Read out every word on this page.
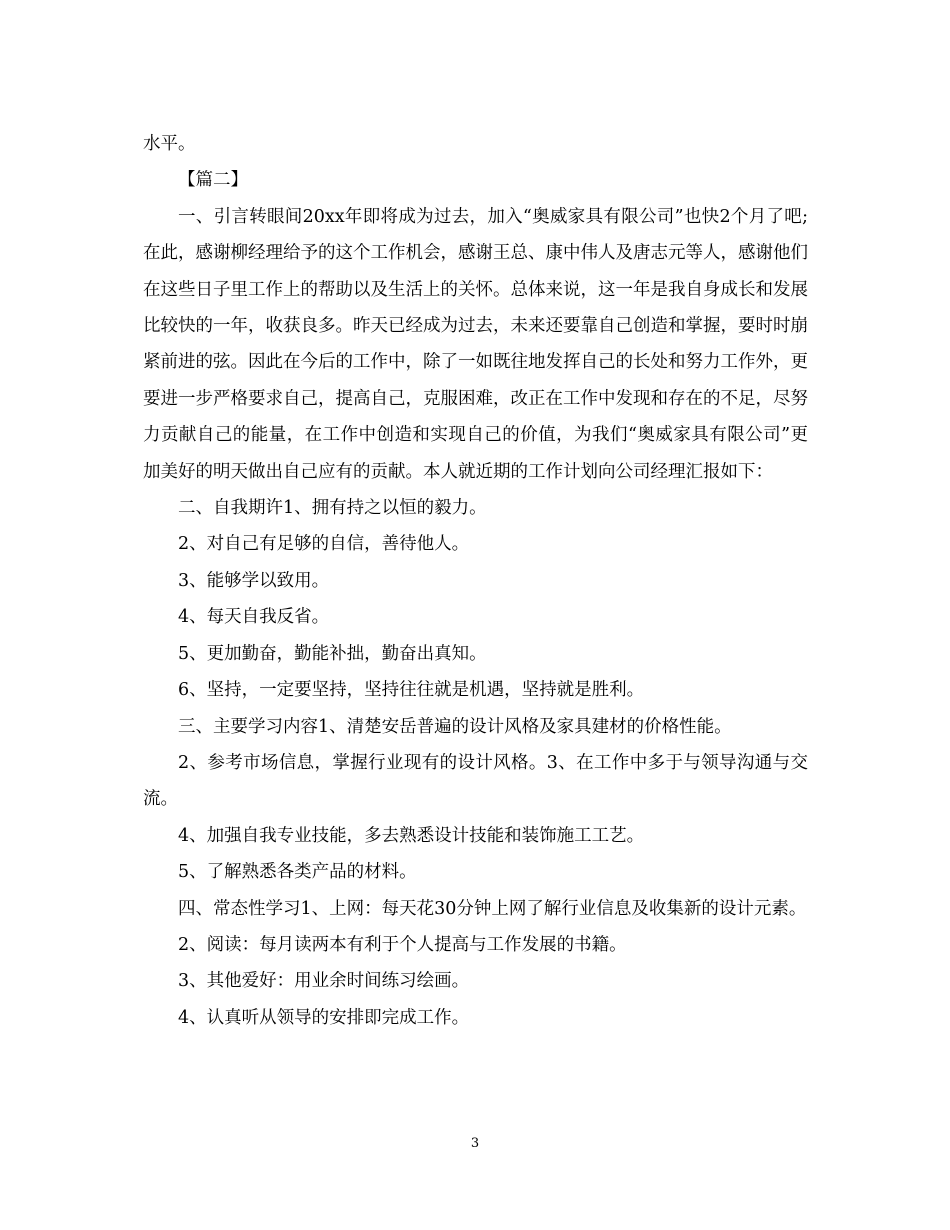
水平。

【篇二】

一、引言转眼间20xx年即将成为过去，加入“奥威家具有限公司”也快2个月了吧;在此，感谢柳经理给予的这个工作机会，感谢王总、康中伟人及唐志元等人，感谢他们在这些日子里工作上的帮助以及生活上的关怀。总体来说，这一年是我自身成长和发展比较快的一年，收获良多。昨天已经成为过去，未来还要靠自己创造和掌握，要时时崩紧前进的弦。因此在今后的工作中，除了一如既往地发挥自己的长处和努力工作外，更要进一步严格要求自己，提高自己，克服困难，改正在工作中发现和存在的不足，尽努力贡献自己的能量，在工作中创造和实现自己的价值，为我们“奥威家具有限公司”更加美好的明天做出自己应有的贡献。本人就近期的工作计划向公司经理汇报如下：

二、自我期许1、拥有持之以恒的毅力。

2、对自己有足够的自信，善待他人。

3、能够学以致用。

4、每天自我反省。

5、更加勤奋，勤能补拙，勤奋出真知。

6、坚持，一定要坚持，坚持往往就是机遇，坚持就是胜利。

三、主要学习内容1、清楚安岳普遍的设计风格及家具建材的价格性能。

2、参考市场信息，掌握行业现有的设计风格。3、在工作中多于与领导沟通与交流。

4、加强自我专业技能，多去熟悉设计技能和装饰施工工艺。

5、了解熟悉各类产品的材料。

四、常态性学习1、上网：每天花30分钟上网了解行业信息及收集新的设计元素。

2、阅读：每月读两本有利于个人提高与工作发展的书籍。

3、其他爱好：用业余时间练习绘画。

4、认真听从领导的安排即完成工作。

3
